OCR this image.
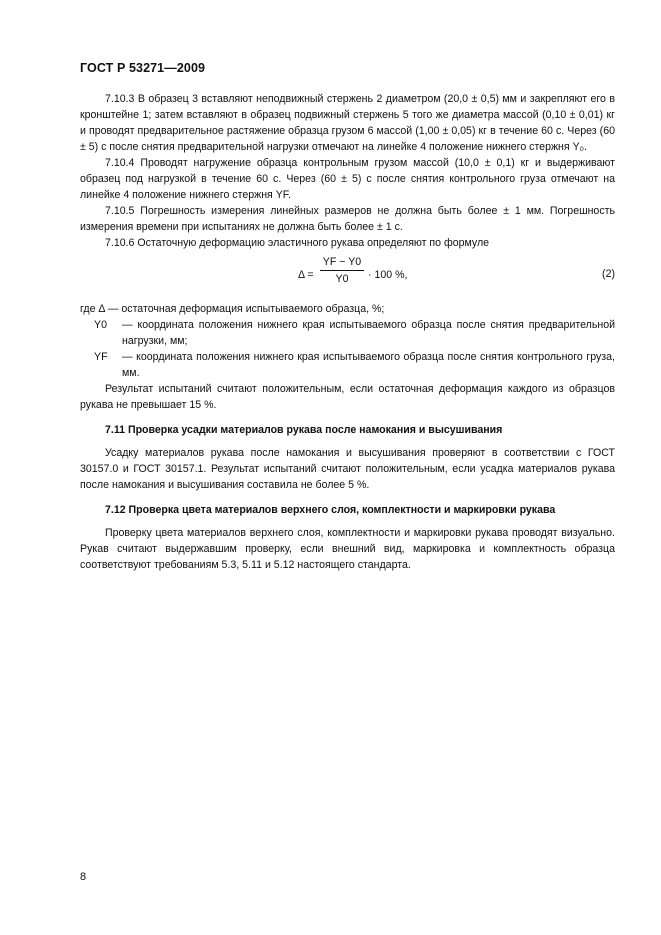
ГОСТ Р 53271—2009

7.10.3 В образец 3 вставляют неподвижный стержень 2 диаметром (20,0 ± 0,5) мм и закрепляют его в кронштейне 1; затем вставляют в образец подвижный стержень 5 того же диаметра массой (0,10 ± 0,01) кг и проводят предварительное растяжение образца грузом 6 массой (1,00 ± 0,05) кг в течение 60 с. Через (60 ± 5) с после снятия предварительной нагрузки отмечают на линейке 4 положение нижнего стержня Y₀.

7.10.4 Проводят нагружение образца контрольным грузом массой (10,0 ± 0,1) кг и выдерживают образец под нагрузкой в течение 60 с. Через (60 ± 5) с после снятия контрольного груза отмечают на линейке 4 положение нижнего стержня YF.

7.10.5 Погрешность измерения линейных размеров не должна быть более ± 1 мм. Погрешность измерения времени при испытаниях не должна быть более ± 1 с.

7.10.6 Остаточную деформацию эластичного рукава определяют по формуле

$\Delta = \frac{YF - Y0}{Y0} \cdot 100$ %,	(2)

где Δ — остаточная деформация испытываемого образца, %;

Y0 — координата положения нижнего края испытываемого образца после снятия предварительной нагрузки, мм;

YF — координата положения нижнего края испытываемого образца после снятия контрольного груза, мм.

Результат испытаний считают положительным, если остаточная деформация каждого из образцов рукава не превышает 15 %.

7.11 Проверка усадки материалов рукава после намокания и высушивания

Усадку материалов рукава после намокания и высушивания проверяют в соответствии с ГОСТ 30157.0 и ГОСТ 30157.1. Результат испытаний считают положительным, если усадка материалов рукава после намокания и высушивания составила не более 5 %.

7.12 Проверка цвета материалов верхнего слоя, комплектности и маркировки рукава

Проверку цвета материалов верхнего слоя, комплектности и маркировки рукава проводят визуально. Рукав считают выдержавшим проверку, если внешний вид, маркировка и комплектность образца соответствуют требованиям 5.3, 5.11 и 5.12 настоящего стандарта.

8
